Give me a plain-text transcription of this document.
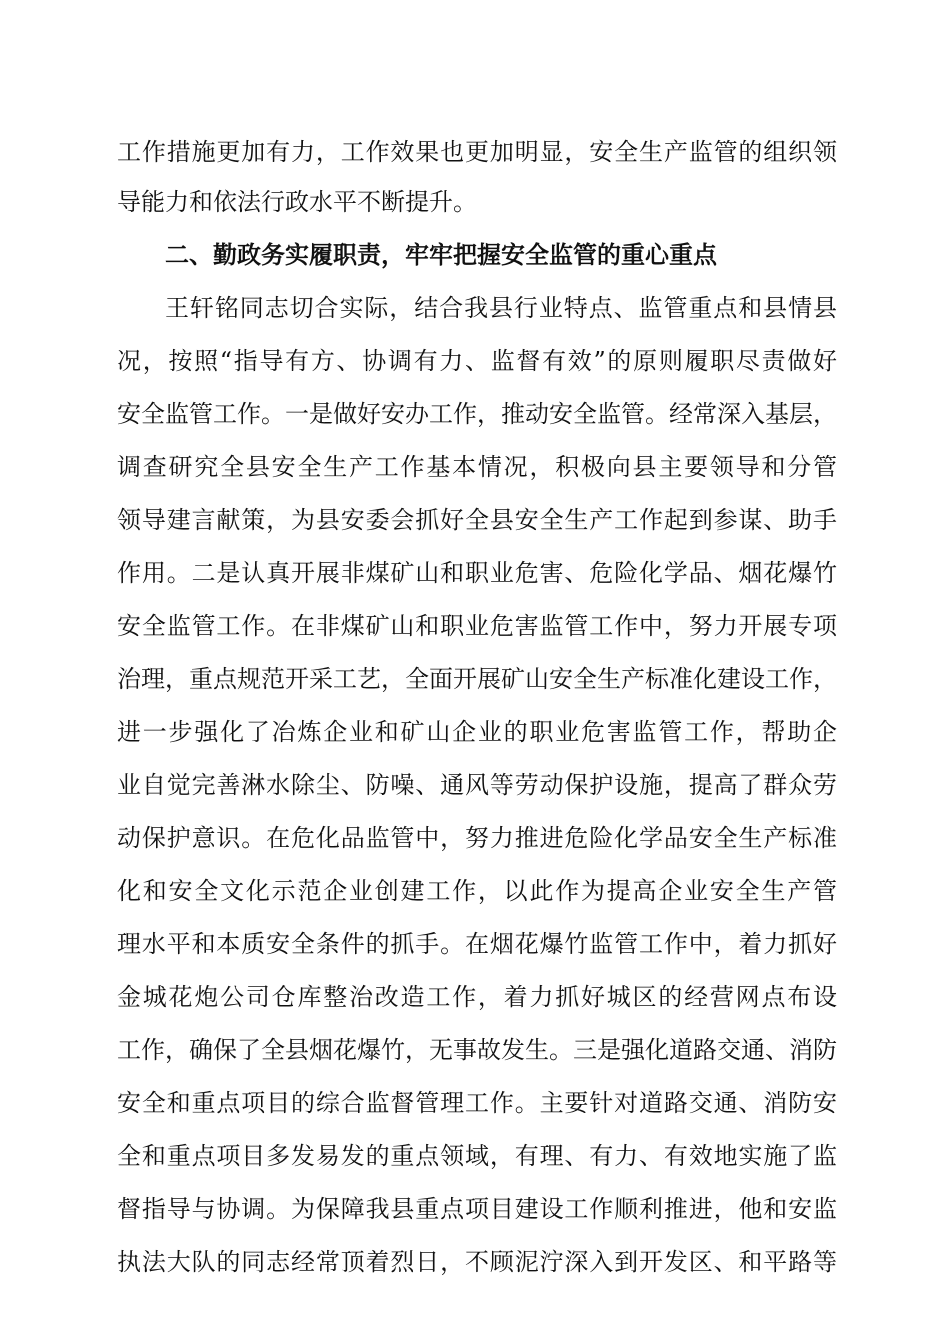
工作措施更加有力，工作效果也更加明显，安全生产监管的组织领
导能力和依法行政水平不断提升。
二、勤政务实履职责，牢牢把握安全监管的重心重点
王轩铭同志切合实际，结合我县行业特点、监管重点和县情县
况，按照“指导有方、协调有力、监督有效”的原则履职尽责做好
安全监管工作。一是做好安办工作，推动安全监管。经常深入基层，
调查研究全县安全生产工作基本情况，积极向县主要领导和分管
领导建言献策，为县安委会抓好全县安全生产工作起到参谋、助手
作用。二是认真开展非煤矿山和职业危害、危险化学品、烟花爆竹
安全监管工作。在非煤矿山和职业危害监管工作中，努力开展专项
治理，重点规范开采工艺，全面开展矿山安全生产标准化建设工作，
进一步强化了冶炼企业和矿山企业的职业危害监管工作，帮助企
业自觉完善淋水除尘、防噪、通风等劳动保护设施，提高了群众劳
动保护意识。在危化品监管中，努力推进危险化学品安全生产标准
化和安全文化示范企业创建工作，以此作为提高企业安全生产管
理水平和本质安全条件的抓手。在烟花爆竹监管工作中，着力抓好
金城花炮公司仓库整治改造工作，着力抓好城区的经营网点布设
工作，确保了全县烟花爆竹，无事故发生。三是强化道路交通、消防
安全和重点项目的综合监督管理工作。主要针对道路交通、消防安
全和重点项目多发易发的重点领域，有理、有力、有效地实施了监
督指导与协调。为保障我县重点项目建设工作顺利推进，他和安监
执法大队的同志经常顶着烈日，不顾泥泞深入到开发区、和平路等
